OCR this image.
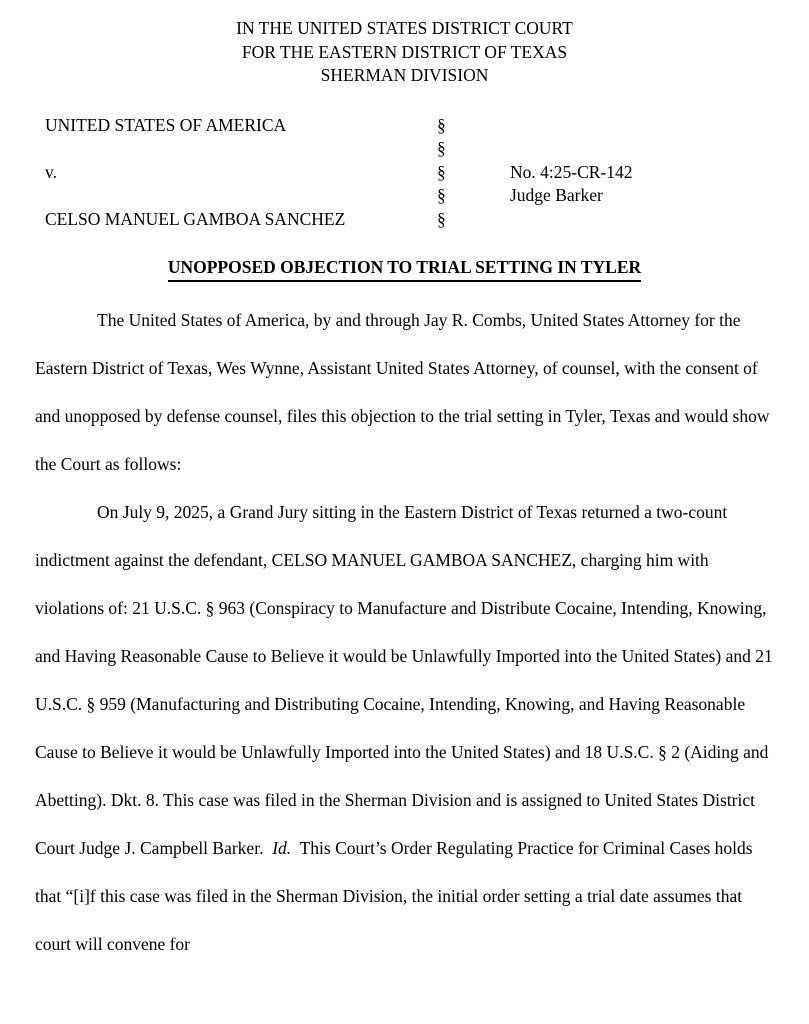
IN THE UNITED STATES DISTRICT COURT
FOR THE EASTERN DISTRICT OF TEXAS
SHERMAN DIVISION
UNITED STATES OF AMERICA

v.

CELSO MANUEL GAMBOA SANCHEZ
§
§
§
§
§

No. 4:25-CR-142
Judge Barker

UNOPPOSED OBJECTION TO TRIAL SETTING IN TYLER

The United States of America, by and through Jay R. Combs, United States Attorney for the Eastern District of Texas, Wes Wynne, Assistant United States Attorney, of counsel, with the consent of and unopposed by defense counsel, files this objection to the trial setting in Tyler, Texas and would show the Court as follows:

On July 9, 2025, a Grand Jury sitting in the Eastern District of Texas returned a two-count indictment against the defendant, CELSO MANUEL GAMBOA SANCHEZ, charging him with violations of: 21 U.S.C. § 963 (Conspiracy to Manufacture and Distribute Cocaine, Intending, Knowing, and Having Reasonable Cause to Believe it would be Unlawfully Imported into the United States) and 21 U.S.C. § 959 (Manufacturing and Distributing Cocaine, Intending, Knowing, and Having Reasonable Cause to Believe it would be Unlawfully Imported into the United States) and 18 U.S.C. § 2 (Aiding and Abetting). Dkt. 8. This case was filed in the Sherman Division and is assigned to United States District Court Judge J. Campbell Barker.  Id.  This Court’s Order Regulating Practice for Criminal Cases holds that “[i]f this case was filed in the Sherman Division, the initial order setting a trial date assumes that court will convene for
